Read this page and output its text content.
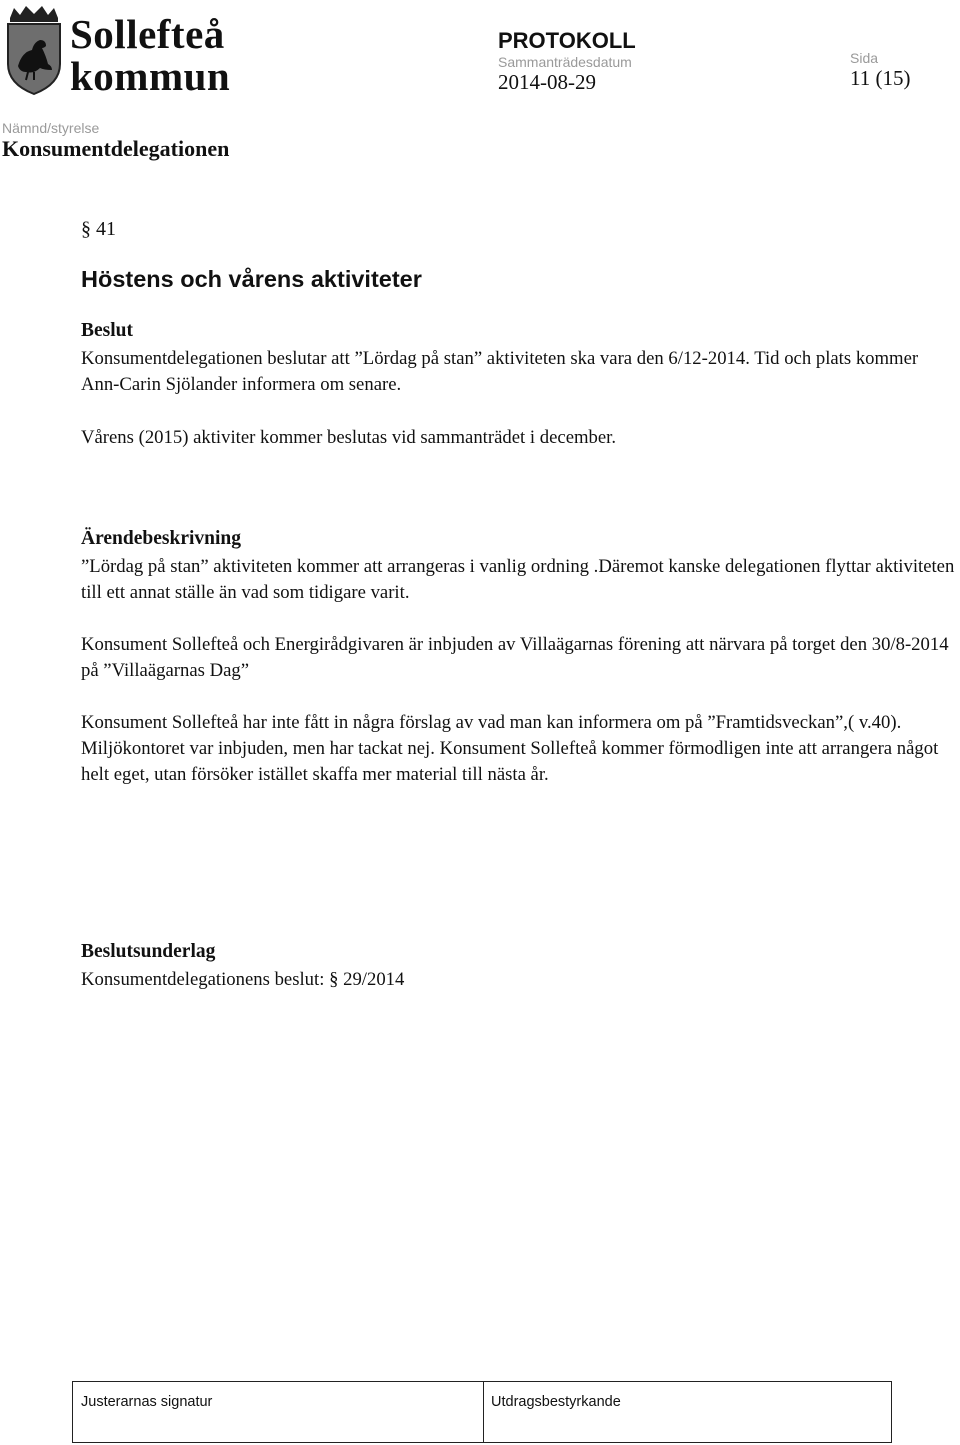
Sollefteå
kommun
PROTOKOLL
Sammanträdesdatum
2014-08-29
Sida
11 (15)
Nämnd/styrelse
Konsumentdelegationen
§ 41
Höstens och vårens aktiviteter
Beslut

Konsumentdelegationen beslutar att ”Lördag på stan” aktiviteten ska vara den 6/12-2014. Tid och plats kommer Ann-Carin Sjölander informera om senare.

Vårens (2015) aktiviter kommer beslutas vid sammanträdet i december.

Ärendebeskrivning

”Lördag på stan” aktiviteten kommer att arrangeras i vanlig ordning .Däremot kanske delegationen flyttar aktiviteten till ett annat ställe än vad som tidigare varit.

Konsument Sollefteå och Energirådgivaren är inbjuden av Villaägarnas förening att närvara på torget den 30/8-2014 på ”Villaägarnas Dag”

Konsument Sollefteå har inte fått in några förslag av vad man kan informera om på ”Framtidsveckan”,( v.40). Miljökontoret var inbjuden, men har tackat nej. Konsument Sollefteå kommer förmodligen inte att arrangera något helt eget, utan försöker istället skaffa mer material till nästa år.

Beslutsunderlag

Konsumentdelegationens beslut: § 29/2014

Justerarnas signatur	Utdragsbestyrkande
